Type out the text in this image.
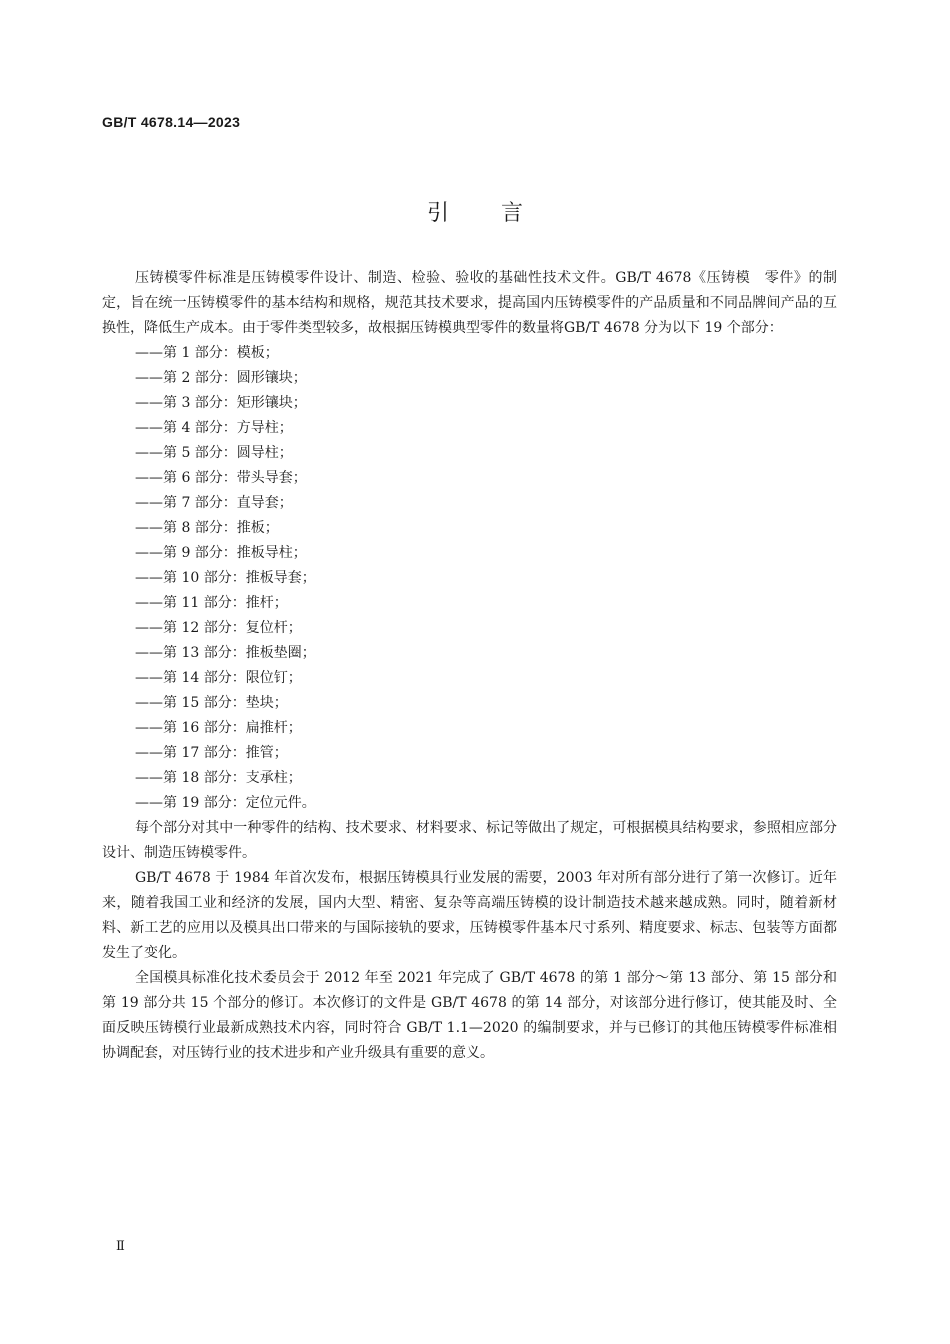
GB/T 4678.14—2023
引言

压铸模零件标准是压铸模零件设计、制造、检验、验收的基础性技术文件。GB/T 4678《压铸模　零件》的制定，旨在统一压铸模零件的基本结构和规格，规范其技术要求，提高国内压铸模零件的产品质量和不同品牌间产品的互换性，降低生产成本。由于零件类型较多，故根据压铸模典型零件的数量将GB/T 4678 分为以下 19 个部分：

——第 1 部分：模板；
——第 2 部分：圆形镶块；
——第 3 部分：矩形镶块；
——第 4 部分：方导柱；
——第 5 部分：圆导柱；
——第 6 部分：带头导套；
——第 7 部分：直导套；
——第 8 部分：推板；
——第 9 部分：推板导柱；
——第 10 部分：推板导套；
——第 11 部分：推杆；
——第 12 部分：复位杆；
——第 13 部分：推板垫圈；
——第 14 部分：限位钉；
——第 15 部分：垫块；
——第 16 部分：扁推杆；
——第 17 部分：推管；
——第 18 部分：支承柱；
——第 19 部分：定位元件。

每个部分对其中一种零件的结构、技术要求、材料要求、标记等做出了规定，可根据模具结构要求，参照相应部分设计、制造压铸模零件。

GB/T 4678 于 1984 年首次发布，根据压铸模具行业发展的需要，2003 年对所有部分进行了第一次修订。近年来，随着我国工业和经济的发展，国内大型、精密、复杂等高端压铸模的设计制造技术越来越成熟。同时，随着新材料、新工艺的应用以及模具出口带来的与国际接轨的要求，压铸模零件基本尺寸系列、精度要求、标志、包装等方面都发生了变化。

全国模具标准化技术委员会于 2012 年至 2021 年完成了 GB/T 4678 的第 1 部分～第 13 部分、第 15 部分和第 19 部分共 15 个部分的修订。本次修订的文件是 GB/T 4678 的第 14 部分，对该部分进行修订，使其能及时、全面反映压铸模行业最新成熟技术内容，同时符合 GB/T 1.1—2020 的编制要求，并与已修订的其他压铸模零件标准相协调配套，对压铸行业的技术进步和产业升级具有重要的意义。

Ⅱ
